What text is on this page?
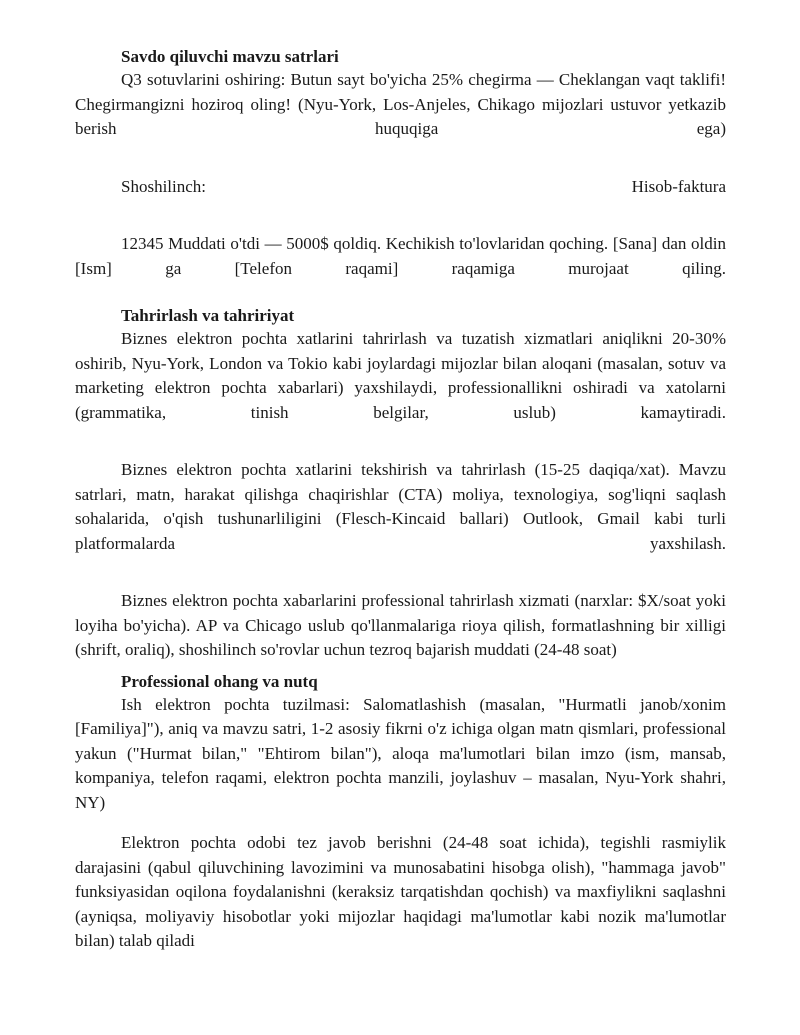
Savdo qiluvchi mavzu satrlari

Q3 sotuvlarini oshiring: Butun sayt bo'yicha 25% chegirma — Cheklangan vaqt taklifi! Chegirmangizni hoziroq oling! (Nyu-York, Los-Anjeles, Chikago mijozlari ustuvor yetkazib berish huquqiga ega)

Shoshilinch: Hisob-faktura

12345 Muddati o'tdi — 5000$ qoldiq. Kechikish to'lovlaridan qoching. [Sana] dan oldin [Ism] ga [Telefon raqami] raqamiga murojaat qiling.

Tahrirlash va tahririyat

Biznes elektron pochta xatlarini tahrirlash va tuzatish xizmatlari aniqlikni 20-30% oshirib, Nyu-York, London va Tokio kabi joylardagi mijozlar bilan aloqani (masalan, sotuv va marketing elektron pochta xabarlari) yaxshilaydi, professionallikni oshiradi va xatolarni (grammatika, tinish belgilar, uslub) kamaytiradi.

Biznes elektron pochta xatlarini tekshirish va tahrirlash (15-25 daqiqa/xat). Mavzu satrlari, matn, harakat qilishga chaqirishlar (CTA) moliya, texnologiya, sog'liqni saqlash sohalarida, o'qish tushunarliligini (Flesch-Kincaid ballari) Outlook, Gmail kabi turli platformalarda yaxshilash.

Biznes elektron pochta xabarlarini professional tahrirlash xizmati (narxlar: $X/soat yoki loyiha bo'yicha). AP va Chicago uslub qo'llanmalariga rioya qilish, formatlashning bir xilligi (shrift, oraliq), shoshilinch so'rovlar uchun tezroq bajarish muddati (24-48 soat)

Professional ohang va nutq

Ish elektron pochta tuzilmasi: Salomatlashish (masalan, "Hurmatli janob/xonim [Familiya]"), aniq va mavzu satri, 1-2 asosiy fikrni o'z ichiga olgan matn qismlari, professional yakun ("Hurmat bilan," "Ehtirom bilan"), aloqa ma'lumotlari bilan imzo (ism, mansab, kompaniya, telefon raqami, elektron pochta manzili, joylashuv – masalan, Nyu-York shahri, NY)

Elektron pochta odobi tez javob berishni (24-48 soat ichida), tegishli rasmiylik darajasini (qabul qiluvchining lavozimini va munosabatini hisobga olish), "hammaga javob" funksiyasidan oqilona foydalanishni (keraksiz tarqatishdan qochish) va maxfiylikni saqlashni (ayniqsa, moliyaviy hisobotlar yoki mijozlar haqidagi ma'lumotlar kabi nozik ma'lumotlar bilan) talab qiladi
